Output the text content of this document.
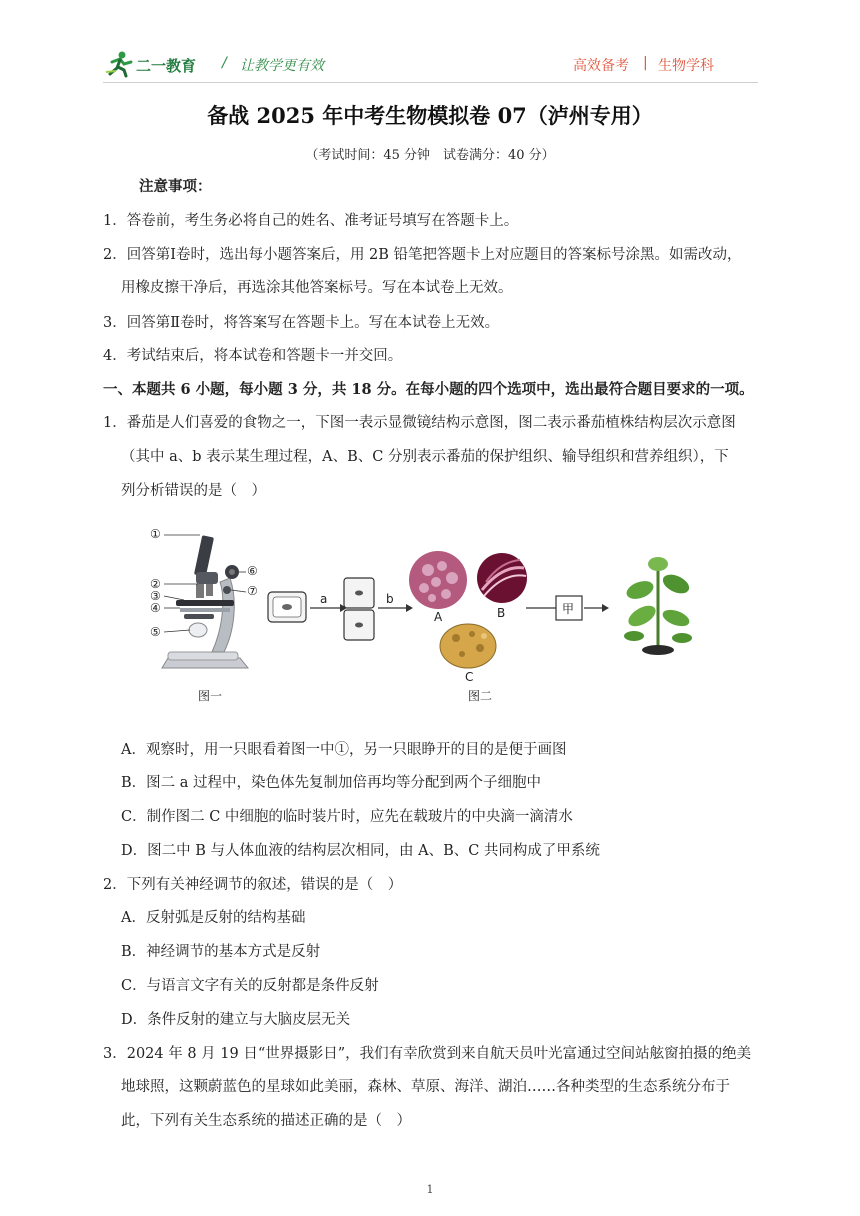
二一教育 / 让教学更有效	高效备考 | 生物学科
备战 2025 年中考生物模拟卷 07（泸州专用）
（考试时间：45 分钟　试卷满分：40 分）
注意事项：
1．答卷前，考生务必将自己的姓名、准考证号填写在答题卡上。
2．回答第Ⅰ卷时，选出每小题答案后，用 2B 铅笔把答题卡上对应题目的答案标号涂黑。如需改动，
用橡皮擦干净后，再选涂其他答案标号。写在本试卷上无效。
3．回答第Ⅱ卷时，将答案写在答题卡上。写在本试卷上无效。
4．考试结束后，将本试卷和答题卡一并交回。
一、本题共 6 小题，每小题 3 分，共 18 分。在每小题的四个选项中，选出最符合题目要求的一项。
1．番茄是人们喜爱的食物之一，下图一表示显微镜结构示意图，图二表示番茄植株结构层次示意图
（其中 a、b 表示某生理过程，A、B、C 分别表示番茄的保护组织、输导组织和营养组织），下
列分析错误的是（　）
①
②
③
④
⑤
⑥
⑦
a	b
A	B
C
甲
图一	图二
A．观察时，用一只眼看着图一中①，另一只眼睁开的目的是便于画图
B．图二 a 过程中，染色体先复制加倍再均等分配到两个子细胞中
C．制作图二 C 中细胞的临时装片时，应先在载玻片的中央滴一滴清水
D．图二中 B 与人体血液的结构层次相同，由 A、B、C 共同构成了甲系统
2．下列有关神经调节的叙述，错误的是（　）
A．反射弧是反射的结构基础
B．神经调节的基本方式是反射
C．与语言文字有关的反射都是条件反射
D．条件反射的建立与大脑皮层无关
3．2024 年 8 月 19 日“世界摄影日”，我们有幸欣赏到来自航天员叶光富通过空间站舷窗拍摄的绝美
地球照，这颗蔚蓝色的星球如此美丽，森林、草原、海洋、湖泊……各种类型的生态系统分布于
此，下列有关生态系统的描述正确的是（　）
1
